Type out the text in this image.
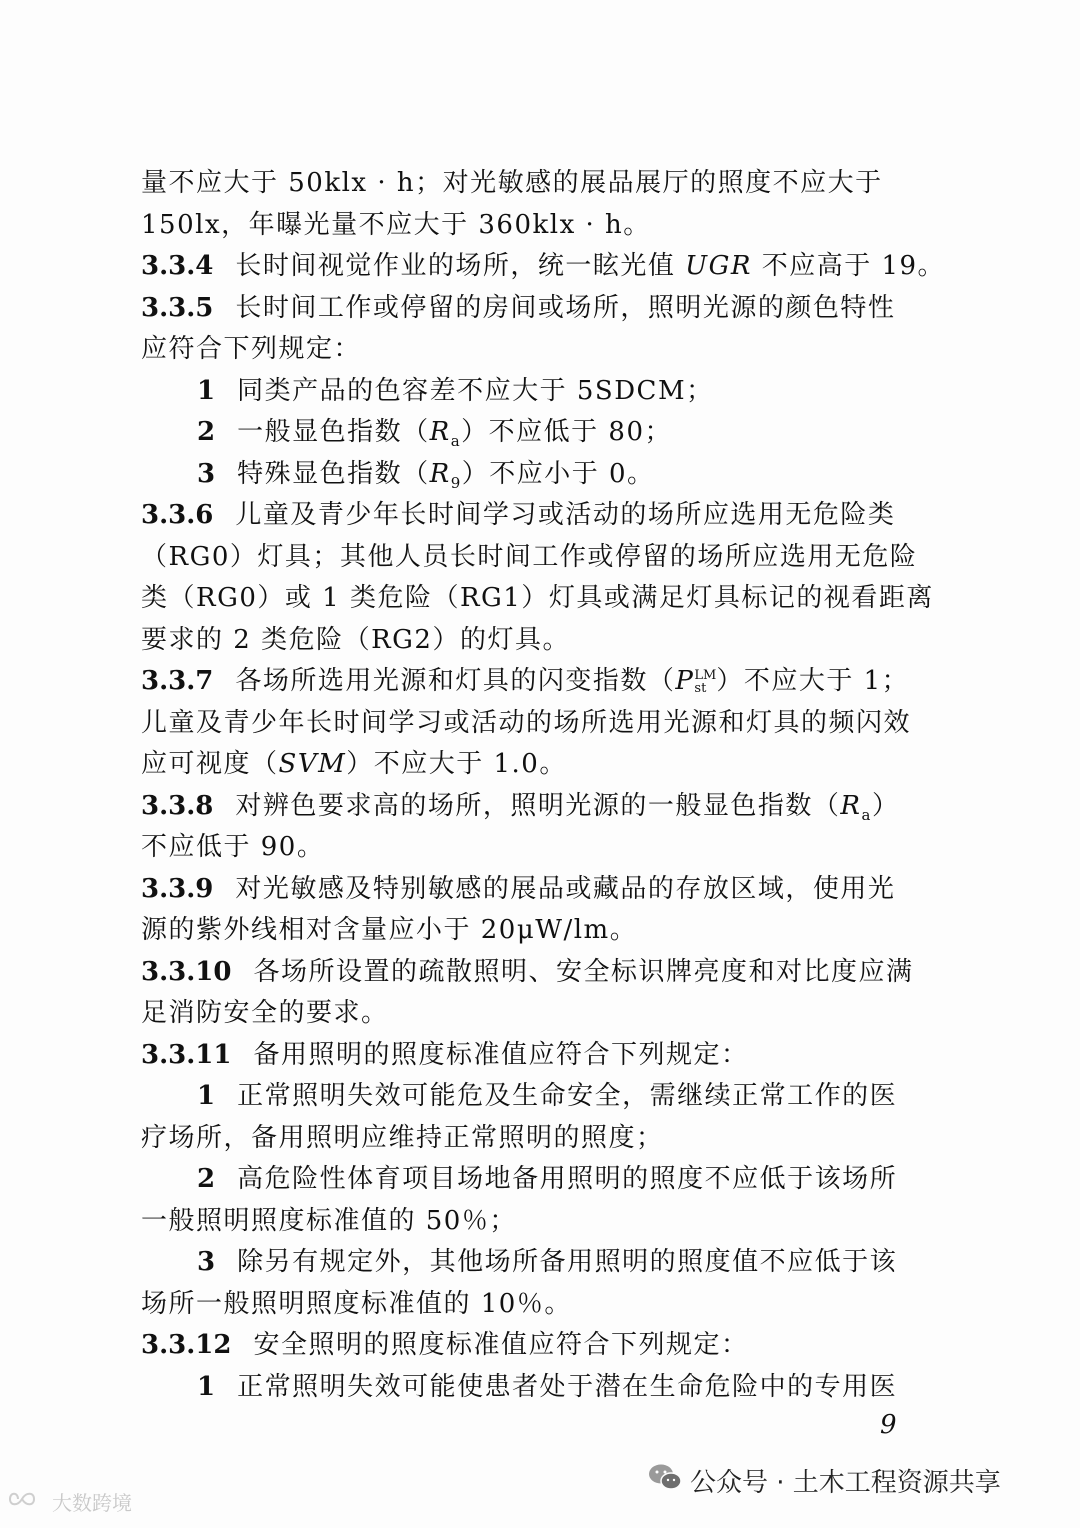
量不应大于 50klx · h；对光敏感的展品展厅的照度不应大于
150lx，年曝光量不应大于 360klx · h。
3.3.4 长时间视觉作业的场所，统一眩光值 UGR 不应高于 19。
3.3.5 长时间工作或停留的房间或场所，照明光源的颜色特性
应符合下列规定：
1 同类产品的色容差不应大于 5SDCM；
2 一般显色指数$(R_a)$不应低于 80；
3 特殊显色指数$(R_9)$不应小于 0。
3.3.6 儿童及青少年长时间学习或活动的场所应选用无危险类
（RG0）灯具；其他人员长时间工作或停留的场所应选用无危险
类（RG0）或 1 类危险（RG1）灯具或满足灯具标记的视看距离
要求的 2 类危险（RG2）的灯具。
3.3.7 各场所选用光源和灯具的闪变指数（P LM
st ）不应大于 1；
儿童及青少年长时间学习或活动的场所选用光源和灯具的频闪效
应可视度（SVM）不应大于 1.0。
3.3.8 对辨色要求高的场所，照明光源的一般显色指数$(R_a)$
不应低于 90。
3.3.9 对光敏感及特别敏感的展品或藏品的存放区域，使用光
源的紫外线相对含量应小于 20μW/lm。
3.3.10 各场所设置的疏散照明、安全标识牌亮度和对比度应满
足消防安全的要求。
3.3.11 备用照明的照度标准值应符合下列规定：
1 正常照明失效可能危及生命安全，需继续正常工作的医
疗场所，备用照明应维持正常照明的照度；
2 高危险性体育项目场地备用照明的照度不应低于该场所
一般照明照度标准值的 50％；
3 除另有规定外，其他场所备用照明的照度值不应低于该
场所一般照明照度标准值的 10％。
3.3.12 安全照明的照度标准值应符合下列规定：
1 正常照明失效可能使患者处于潜在生命危险中的专用医
9
公众号 · 土木工程资源共享
大数跨境
